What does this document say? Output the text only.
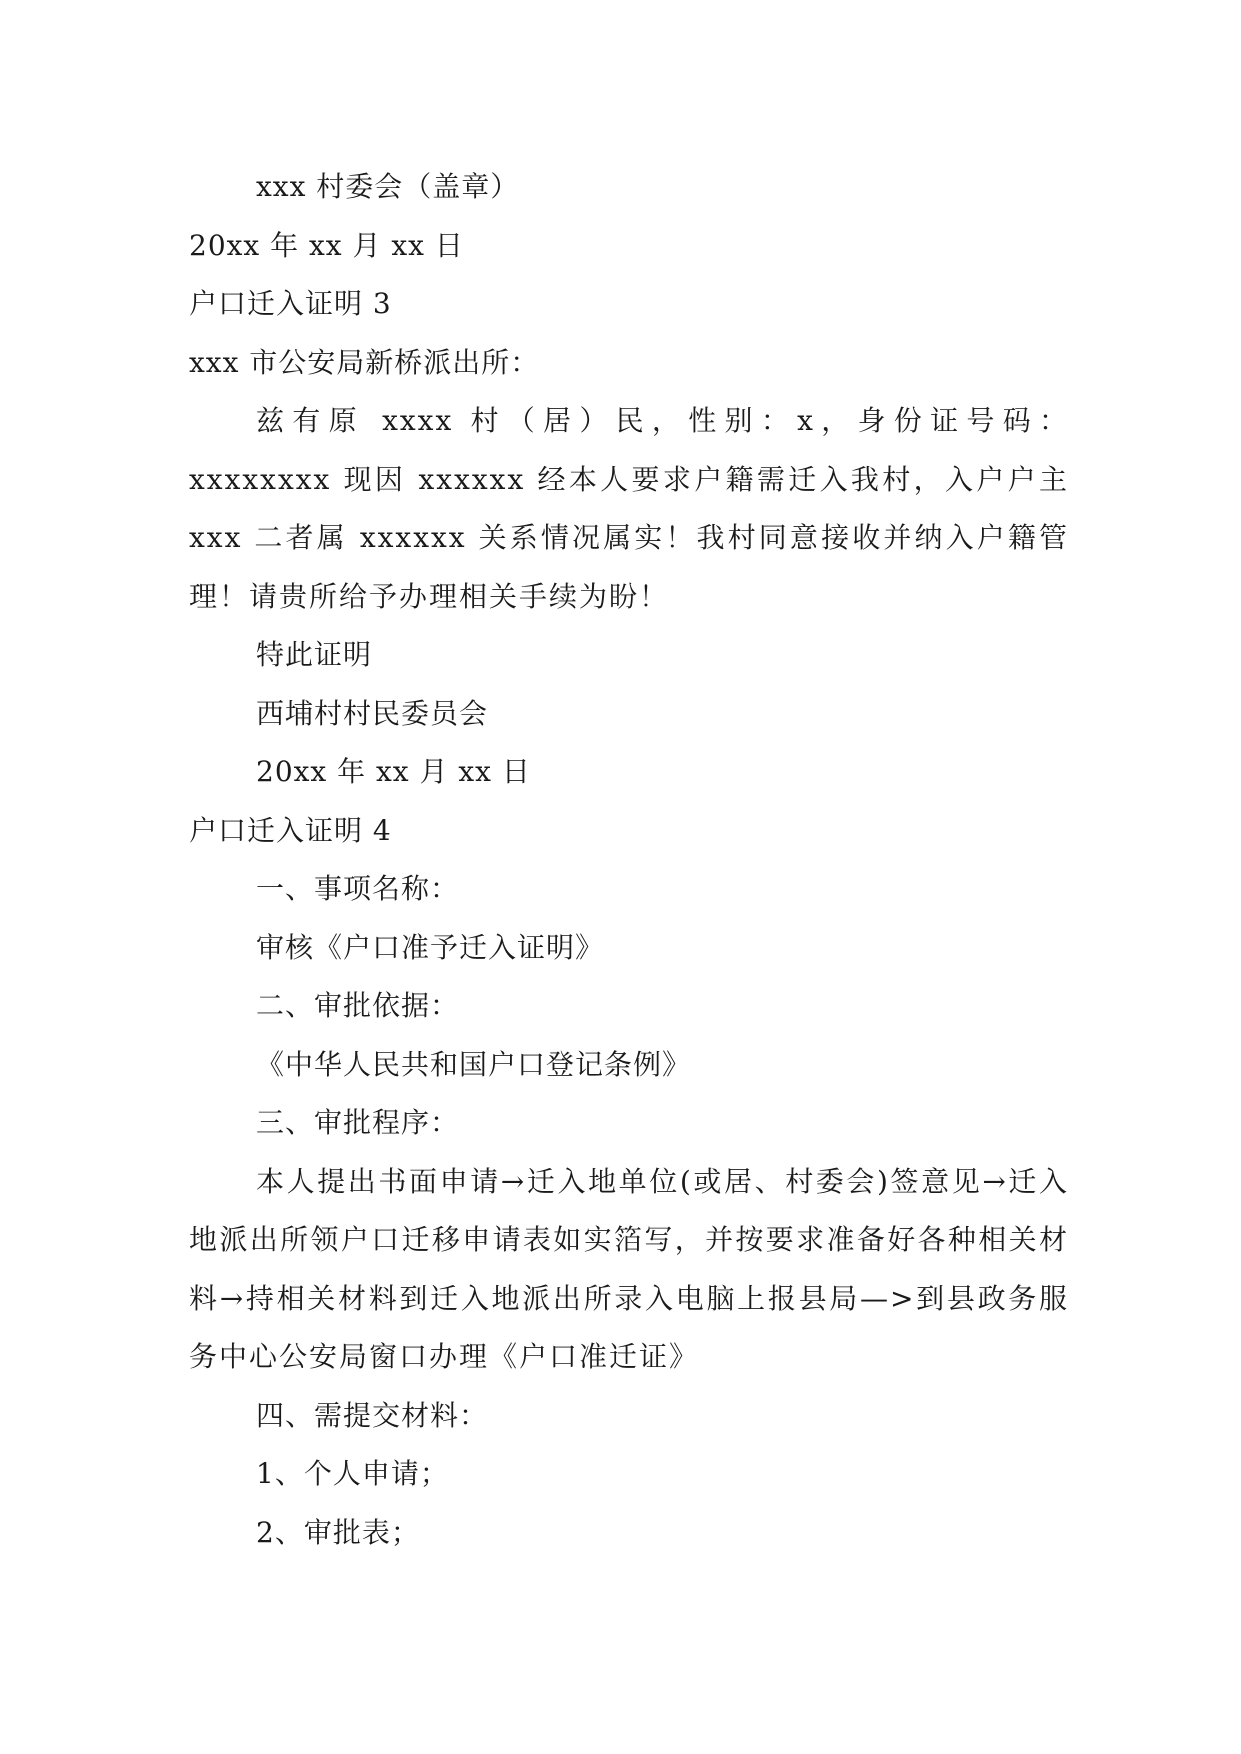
xxx 村委会（盖章）
20xx 年 xx 月 xx 日
户口迁入证明 3
xxx 市公安局新桥派出所：
兹有原 xxxx 村（居）民，性别：x，身份证号码：xxxxxxxx 现因 xxxxxx 经本人要求户籍需迁入我村，入户户主 xxx 二者属 xxxxxx 关系情况属实！我村同意接收并纳入户籍管理！请贵所给予办理相关手续为盼！
特此证明
西埔村村民委员会
20xx 年 xx 月 xx 日
户口迁入证明 4
一、事项名称：
审核《户口准予迁入证明》
二、审批依据：
《中华人民共和国户口登记条例》
三、审批程序：
本人提出书面申请→迁入地单位(或居、村委会)签意见→迁入地派出所领户口迁移申请表如实箔写，并按要求准备好各种相关材料→持相关材料到迁入地派出所录入电脑上报县局—>到县政务服务中心公安局窗口办理《户口准迁证》
四、需提交材料：
1、个人申请；
2、审批表；
